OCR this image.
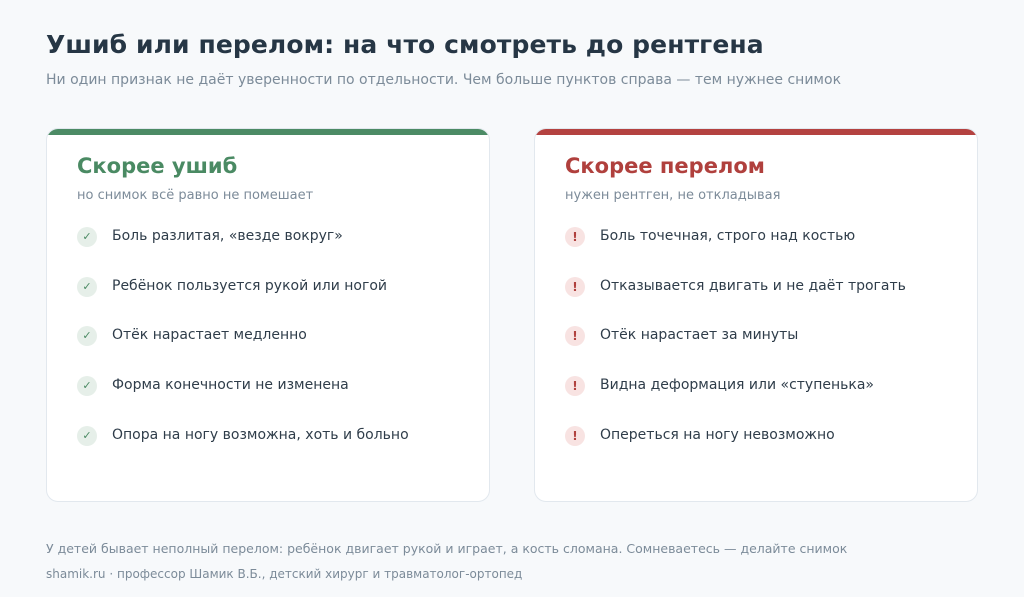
Ушиб или перелом: на что смотреть до рентгена
Ни один признак не даёт уверенности по отдельности. Чем больше пунктов справа — тем нужнее снимок
Скорее ушиб
но снимок всё равно не помешает
✓	Боль разлитая, «везде вокруг»
✓	Ребёнок пользуется рукой или ногой
✓	Отёк нарастает медленно
✓	Форма конечности не изменена
✓	Опора на ногу возможна, хоть и больно
Скорее перелом
нужен рентген, не откладывая
!	Боль точечная, строго над костью
!	Отказывается двигать и не даёт трогать
!	Отёк нарастает за минуты
!	Видна деформация или «ступенька»
!	Опереться на ногу невозможно
У детей бывает неполный перелом: ребёнок двигает рукой и играет, а кость сломана. Сомневаетесь — делайте снимок
shamik.ru · профессор Шамик В.Б., детский хирург и травматолог-ортопед
